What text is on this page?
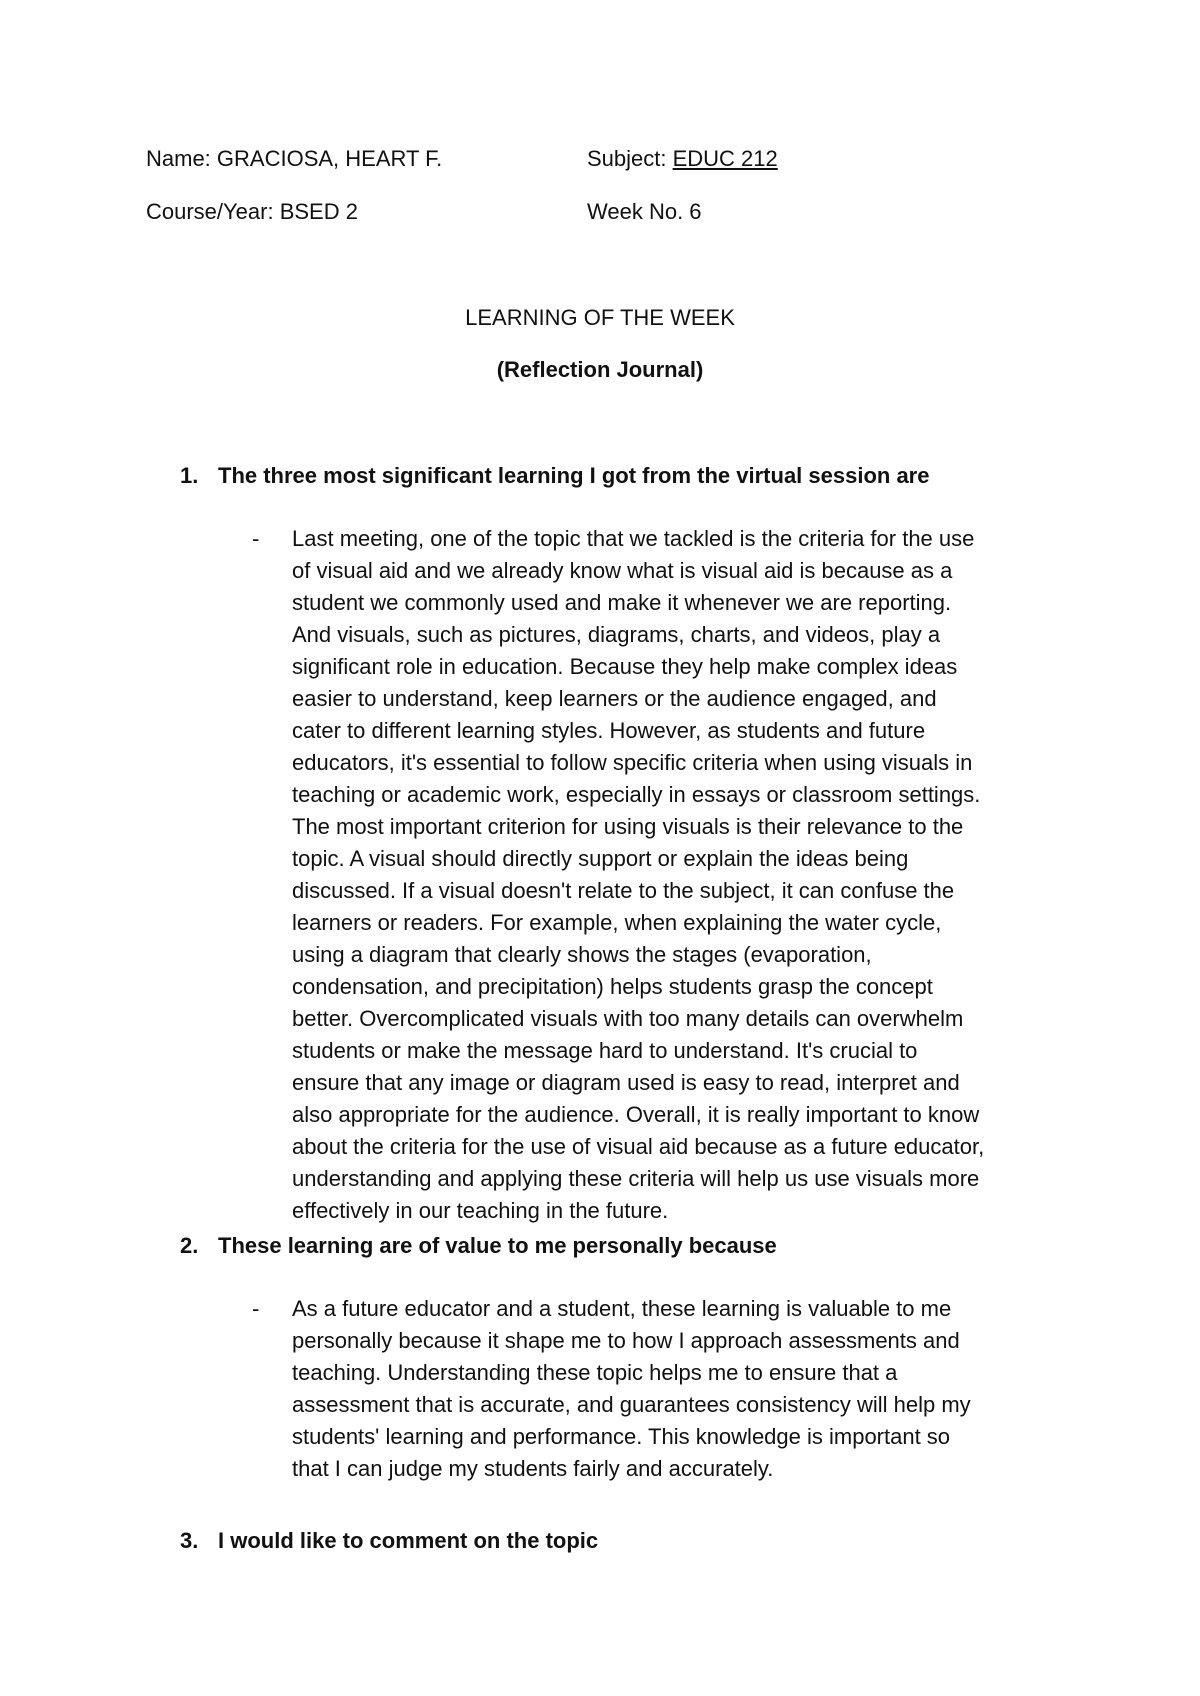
Name: GRACIOSA, HEART F.	Subject: EDUC 212
Course/Year: BSED 2	Week No. 6
LEARNING OF THE WEEK
(Reflection Journal)
1. The three most significant learning I got from the virtual session are
- Last meeting, one of the topic that we tackled is the criteria for the use
of visual aid and we already know what is visual aid is because as a
student we commonly used and make it whenever we are reporting.
And visuals, such as pictures, diagrams, charts, and videos, play a
significant role in education. Because they help make complex ideas
easier to understand, keep learners or the audience engaged, and
cater to different learning styles. However, as students and future
educators, it's essential to follow specific criteria when using visuals in
teaching or academic work, especially in essays or classroom settings.
The most important criterion for using visuals is their relevance to the
topic. A visual should directly support or explain the ideas being
discussed. If a visual doesn't relate to the subject, it can confuse the
learners or readers. For example, when explaining the water cycle,
using a diagram that clearly shows the stages (evaporation,
condensation, and precipitation) helps students grasp the concept
better. Overcomplicated visuals with too many details can overwhelm
students or make the message hard to understand. It's crucial to
ensure that any image or diagram used is easy to read, interpret and
also appropriate for the audience. Overall, it is really important to know
about the criteria for the use of visual aid because as a future educator,
understanding and applying these criteria will help us use visuals more
effectively in our teaching in the future.
2. These learning are of value to me personally because
- As a future educator and a student, these learning is valuable to me
personally because it shape me to how I approach assessments and
teaching. Understanding these topic helps me to ensure that a
assessment that is accurate, and guarantees consistency will help my
students' learning and performance. This knowledge is important so
that I can judge my students fairly and accurately.
3. I would like to comment on the topic
